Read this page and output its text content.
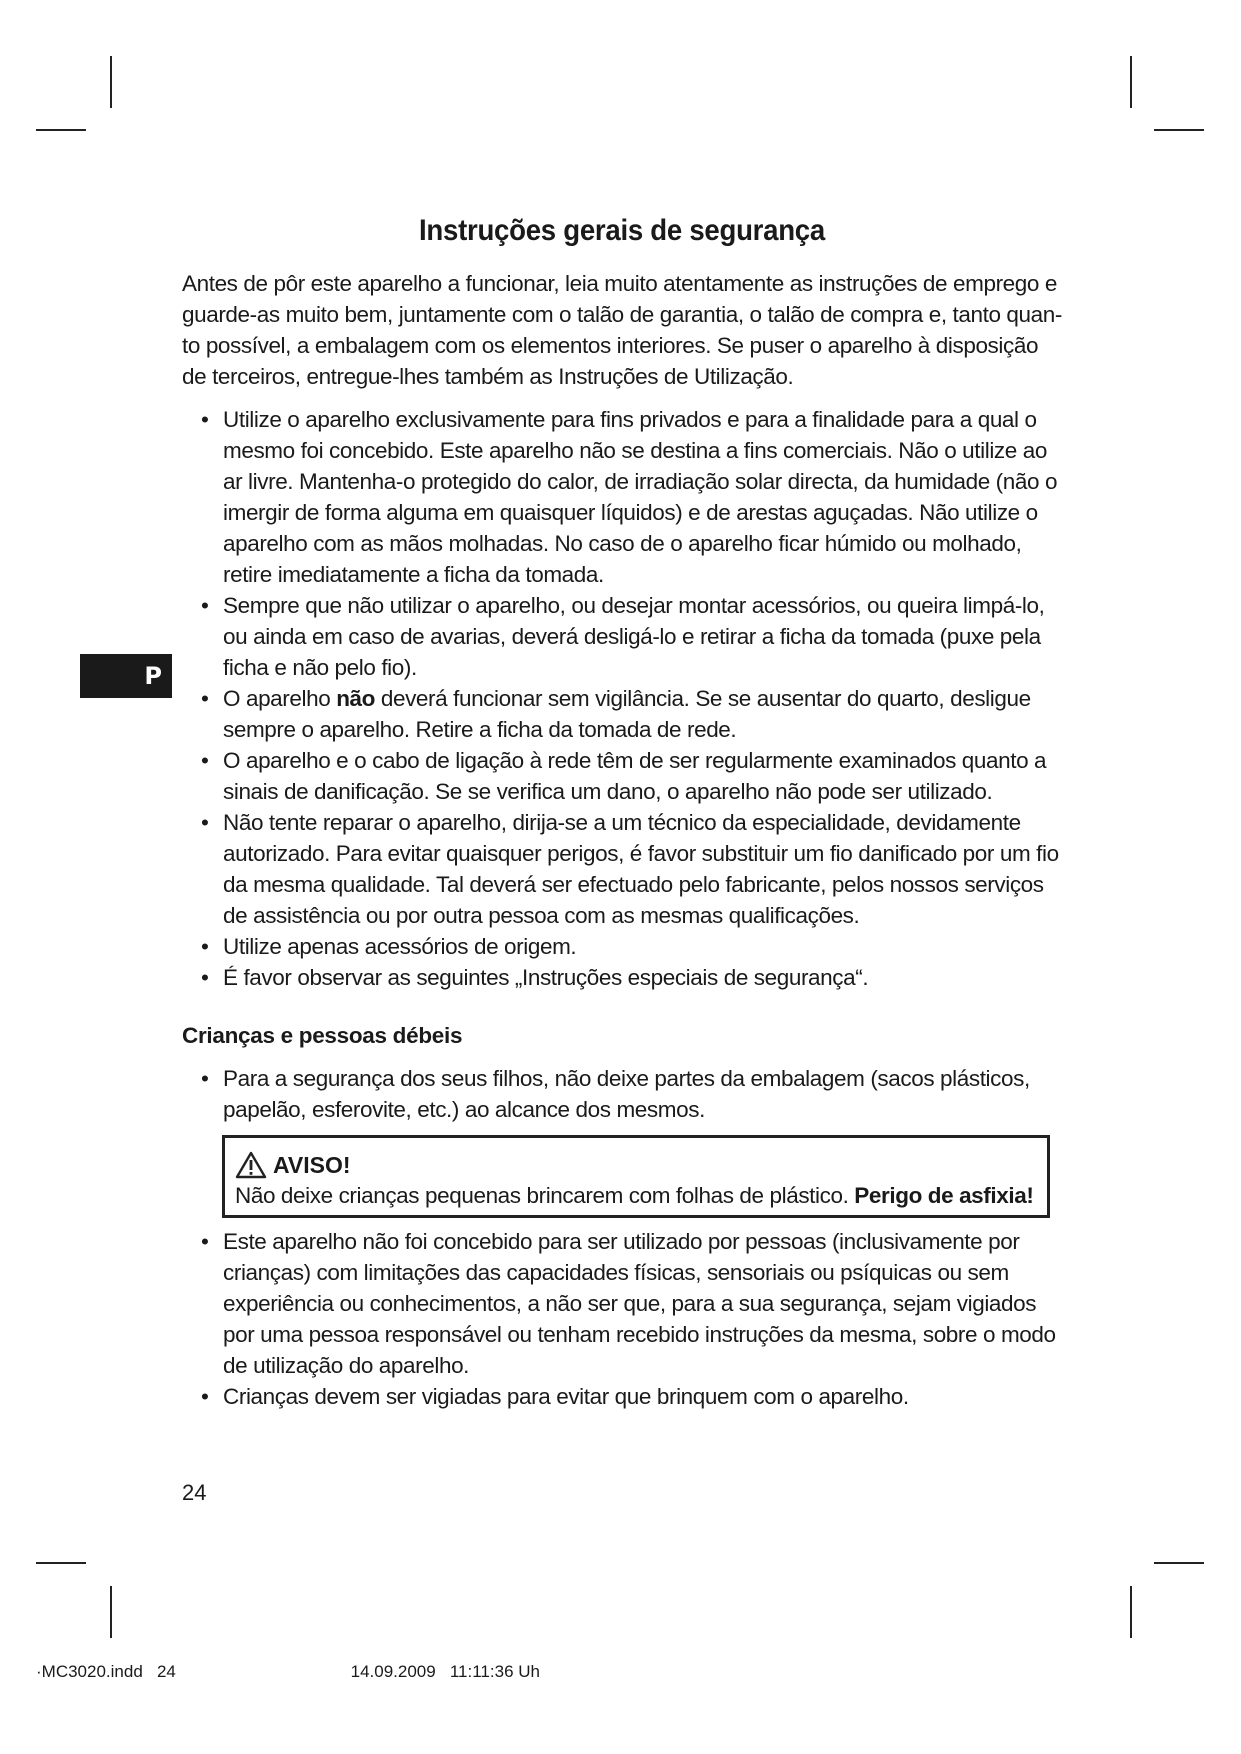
P
Instruções gerais de segurança

Antes de pôr este aparelho a funcionar, leia muito atentamente as instruções de emprego e guarde-as muito bem, juntamente com o talão de garantia, o talão de compra e, tanto quan-to possível, a embalagem com os elementos interiores. Se puser o aparelho à disposição de terceiros, entregue-lhes também as Instruções de Utilização.

• Utilize o aparelho exclusivamente para fins privados e para a finalidade para a qual o mesmo foi concebido. Este aparelho não se destina a fins comerciais. Não o utilize ao ar livre. Mantenha-o protegido do calor, de irradiação solar directa, da humidade (não o imergir de forma alguma em quaisquer líquidos) e de arestas aguçadas. Não utilize o aparelho com as mãos molhadas. No caso de o aparelho ficar húmido ou molhado, retire imediatamente a ficha da tomada.
• Sempre que não utilizar o aparelho, ou desejar montar acessórios, ou queira limpá-lo, ou ainda em caso de avarias, deverá desligá-lo e retirar a ficha da tomada (puxe pela ficha e não pelo fio).
• O aparelho não deverá funcionar sem vigilância. Se se ausentar do quarto, desligue sempre o aparelho. Retire a ficha da tomada de rede.
• O aparelho e o cabo de ligação à rede têm de ser regularmente examinados quanto a sinais de danificação. Se se verifica um dano, o aparelho não pode ser utilizado.
• Não tente reparar o aparelho, dirija-se a um técnico da especialidade, devidamente autorizado. Para evitar quaisquer perigos, é favor substituir um fio danificado por um fio da mesma qualidade. Tal deverá ser efectuado pelo fabricante, pelos nossos serviços de assistência ou por outra pessoa com as mesmas qualificações.
• Utilize apenas acessórios de origem.
• É favor observar as seguintes „Instruções especiais de segurança“.
Crianças e pessoas débeis
• Para a segurança dos seus filhos, não deixe partes da embalagem (sacos plásticos, papelão, esferovite, etc.) ao alcance dos mesmos.
AVISO!
Não deixe crianças pequenas brincarem com folhas de plástico. Perigo de asfixia!
• Este aparelho não foi concebido para ser utilizado por pessoas (inclusivamente por crianças) com limitações das capacidades físicas, sensoriais ou psíquicas ou sem experiência ou conhecimentos, a não ser que, para a sua segurança, sejam vigiados por uma pessoa responsável ou tenham recebido instruções da mesma, sobre o modo de utilização do aparelho.
• Crianças devem ser vigiadas para evitar que brinquem com o aparelho.
24
·MC3020.indd   24                                     14.09.2009   11:11:36 Uh
